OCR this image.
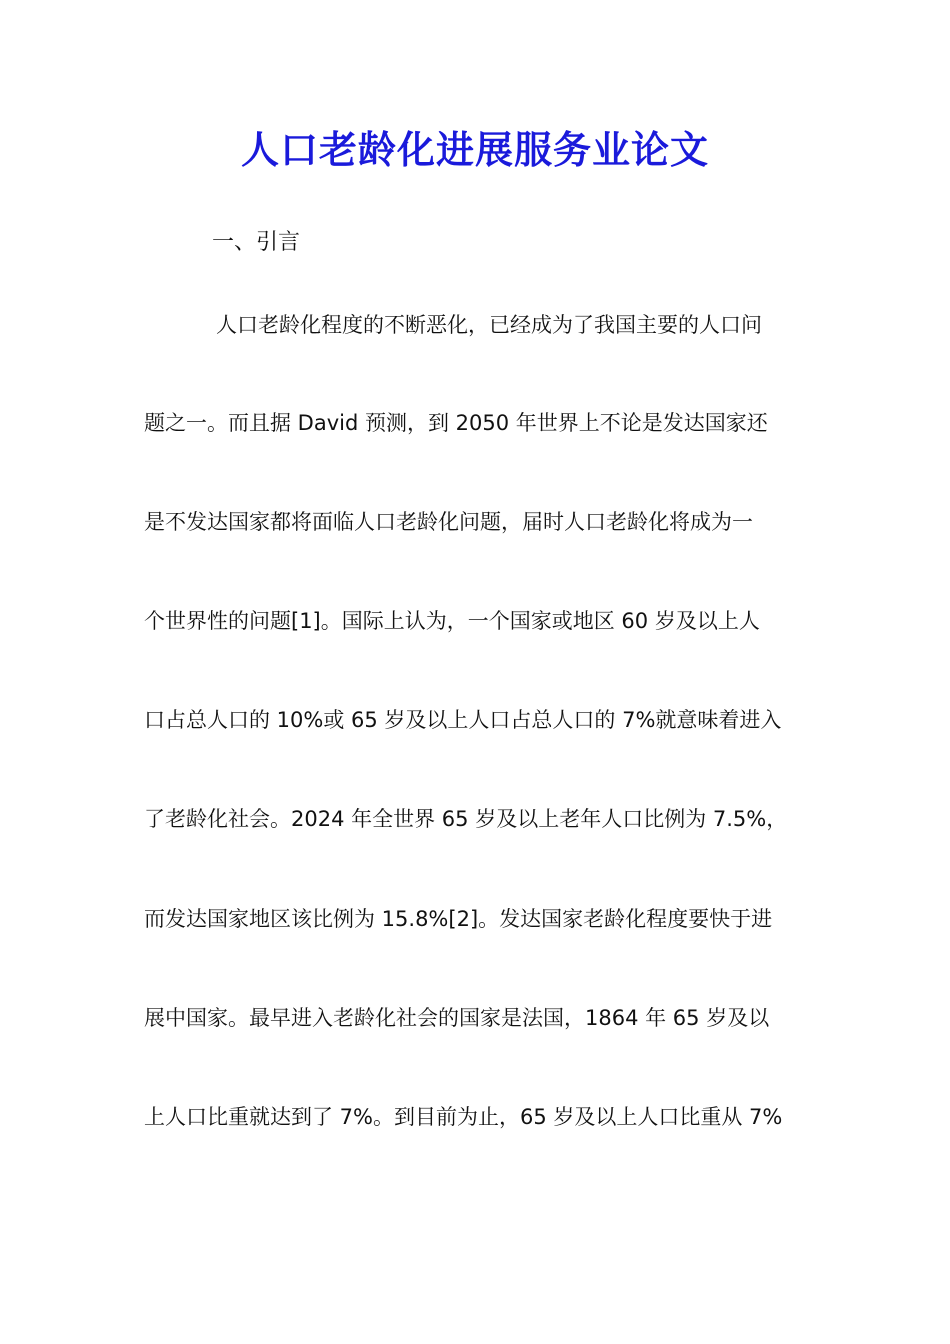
人口老龄化进展服务业论文
一、引言
人口老龄化程度的不断恶化，已经成为了我国主要的人口问
题之一。而且据 David 预测，到 2050 年世界上不论是发达国家还
是不发达国家都将面临人口老龄化问题，届时人口老龄化将成为一
个世界性的问题[1]。国际上认为，一个国家或地区 60 岁及以上人
口占总人口的 10%或 65 岁及以上人口占总人口的 7%就意味着进入
了老龄化社会。2024 年全世界 65 岁及以上老年人口比例为 7.5%，
而发达国家地区该比例为 15.8%[2]。发达国家老龄化程度要快于进
展中国家。最早进入老龄化社会的国家是法国，1864 年 65 岁及以
上人口比重就达到了 7%。到目前为止，65 岁及以上人口比重从 7%
